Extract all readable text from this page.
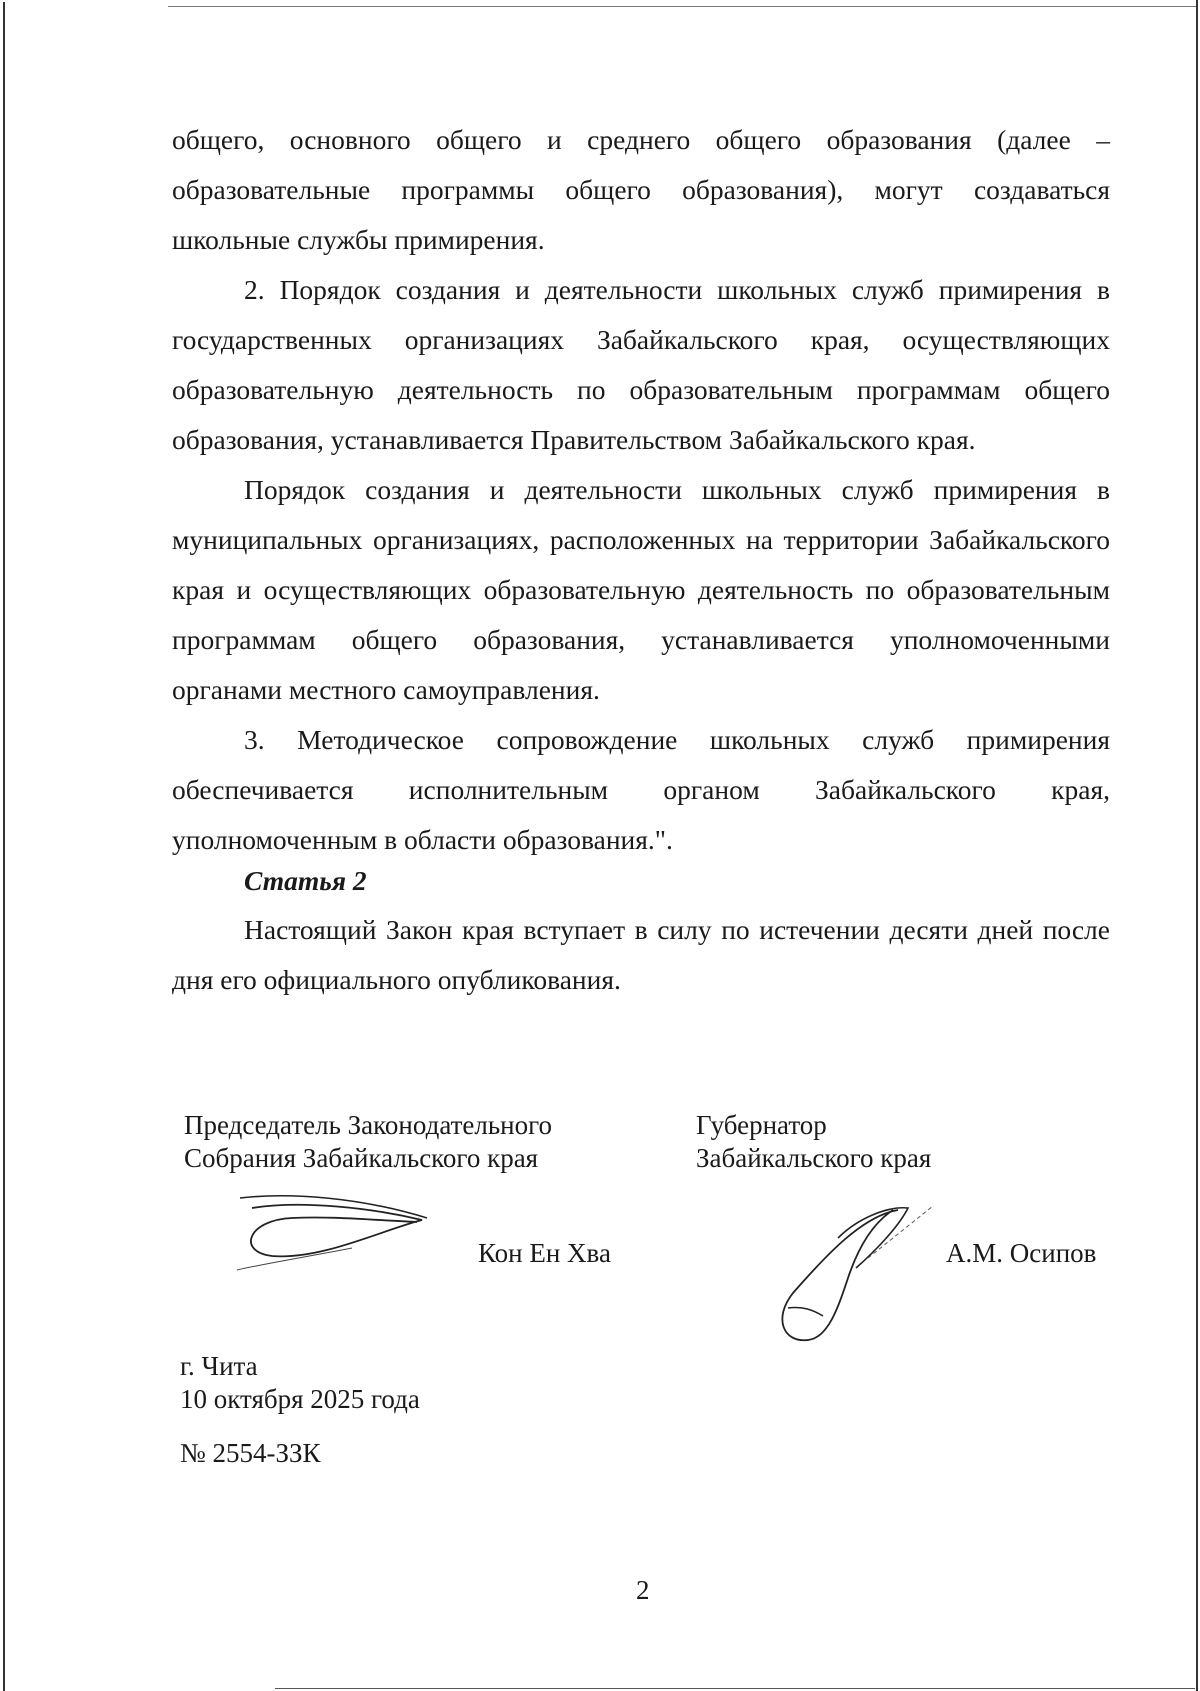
общего, основного общего и среднего общего образования (далее – образовательные программы общего образования), могут создаваться школьные службы примирения.

2. Порядок создания и деятельности школьных служб примирения в государственных организациях Забайкальского края, осуществляющих образовательную деятельность по образовательным программам общего образования, устанавливается Правительством Забайкальского края.

Порядок создания и деятельности школьных служб примирения в муниципальных организациях, расположенных на территории Забайкальского края и осуществляющих образовательную деятельность по образовательным программам общего образования, устанавливается уполномоченными органами местного самоуправления.

3. Методическое сопровождение школьных служб примирения обеспечивается исполнительным органом Забайкальского края, уполномоченным в области образования.".

Статья 2

Настоящий Закон края вступает в силу по истечении десяти дней после дня его официального опубликования.

Председатель Законодательного
Собрания Забайкальского края
Кон Ен Хва
Губернатор
Забайкальского края
А.М. Осипов
г. Чита
10 октября 2025 года
№ 2554-ЗЗК
2
